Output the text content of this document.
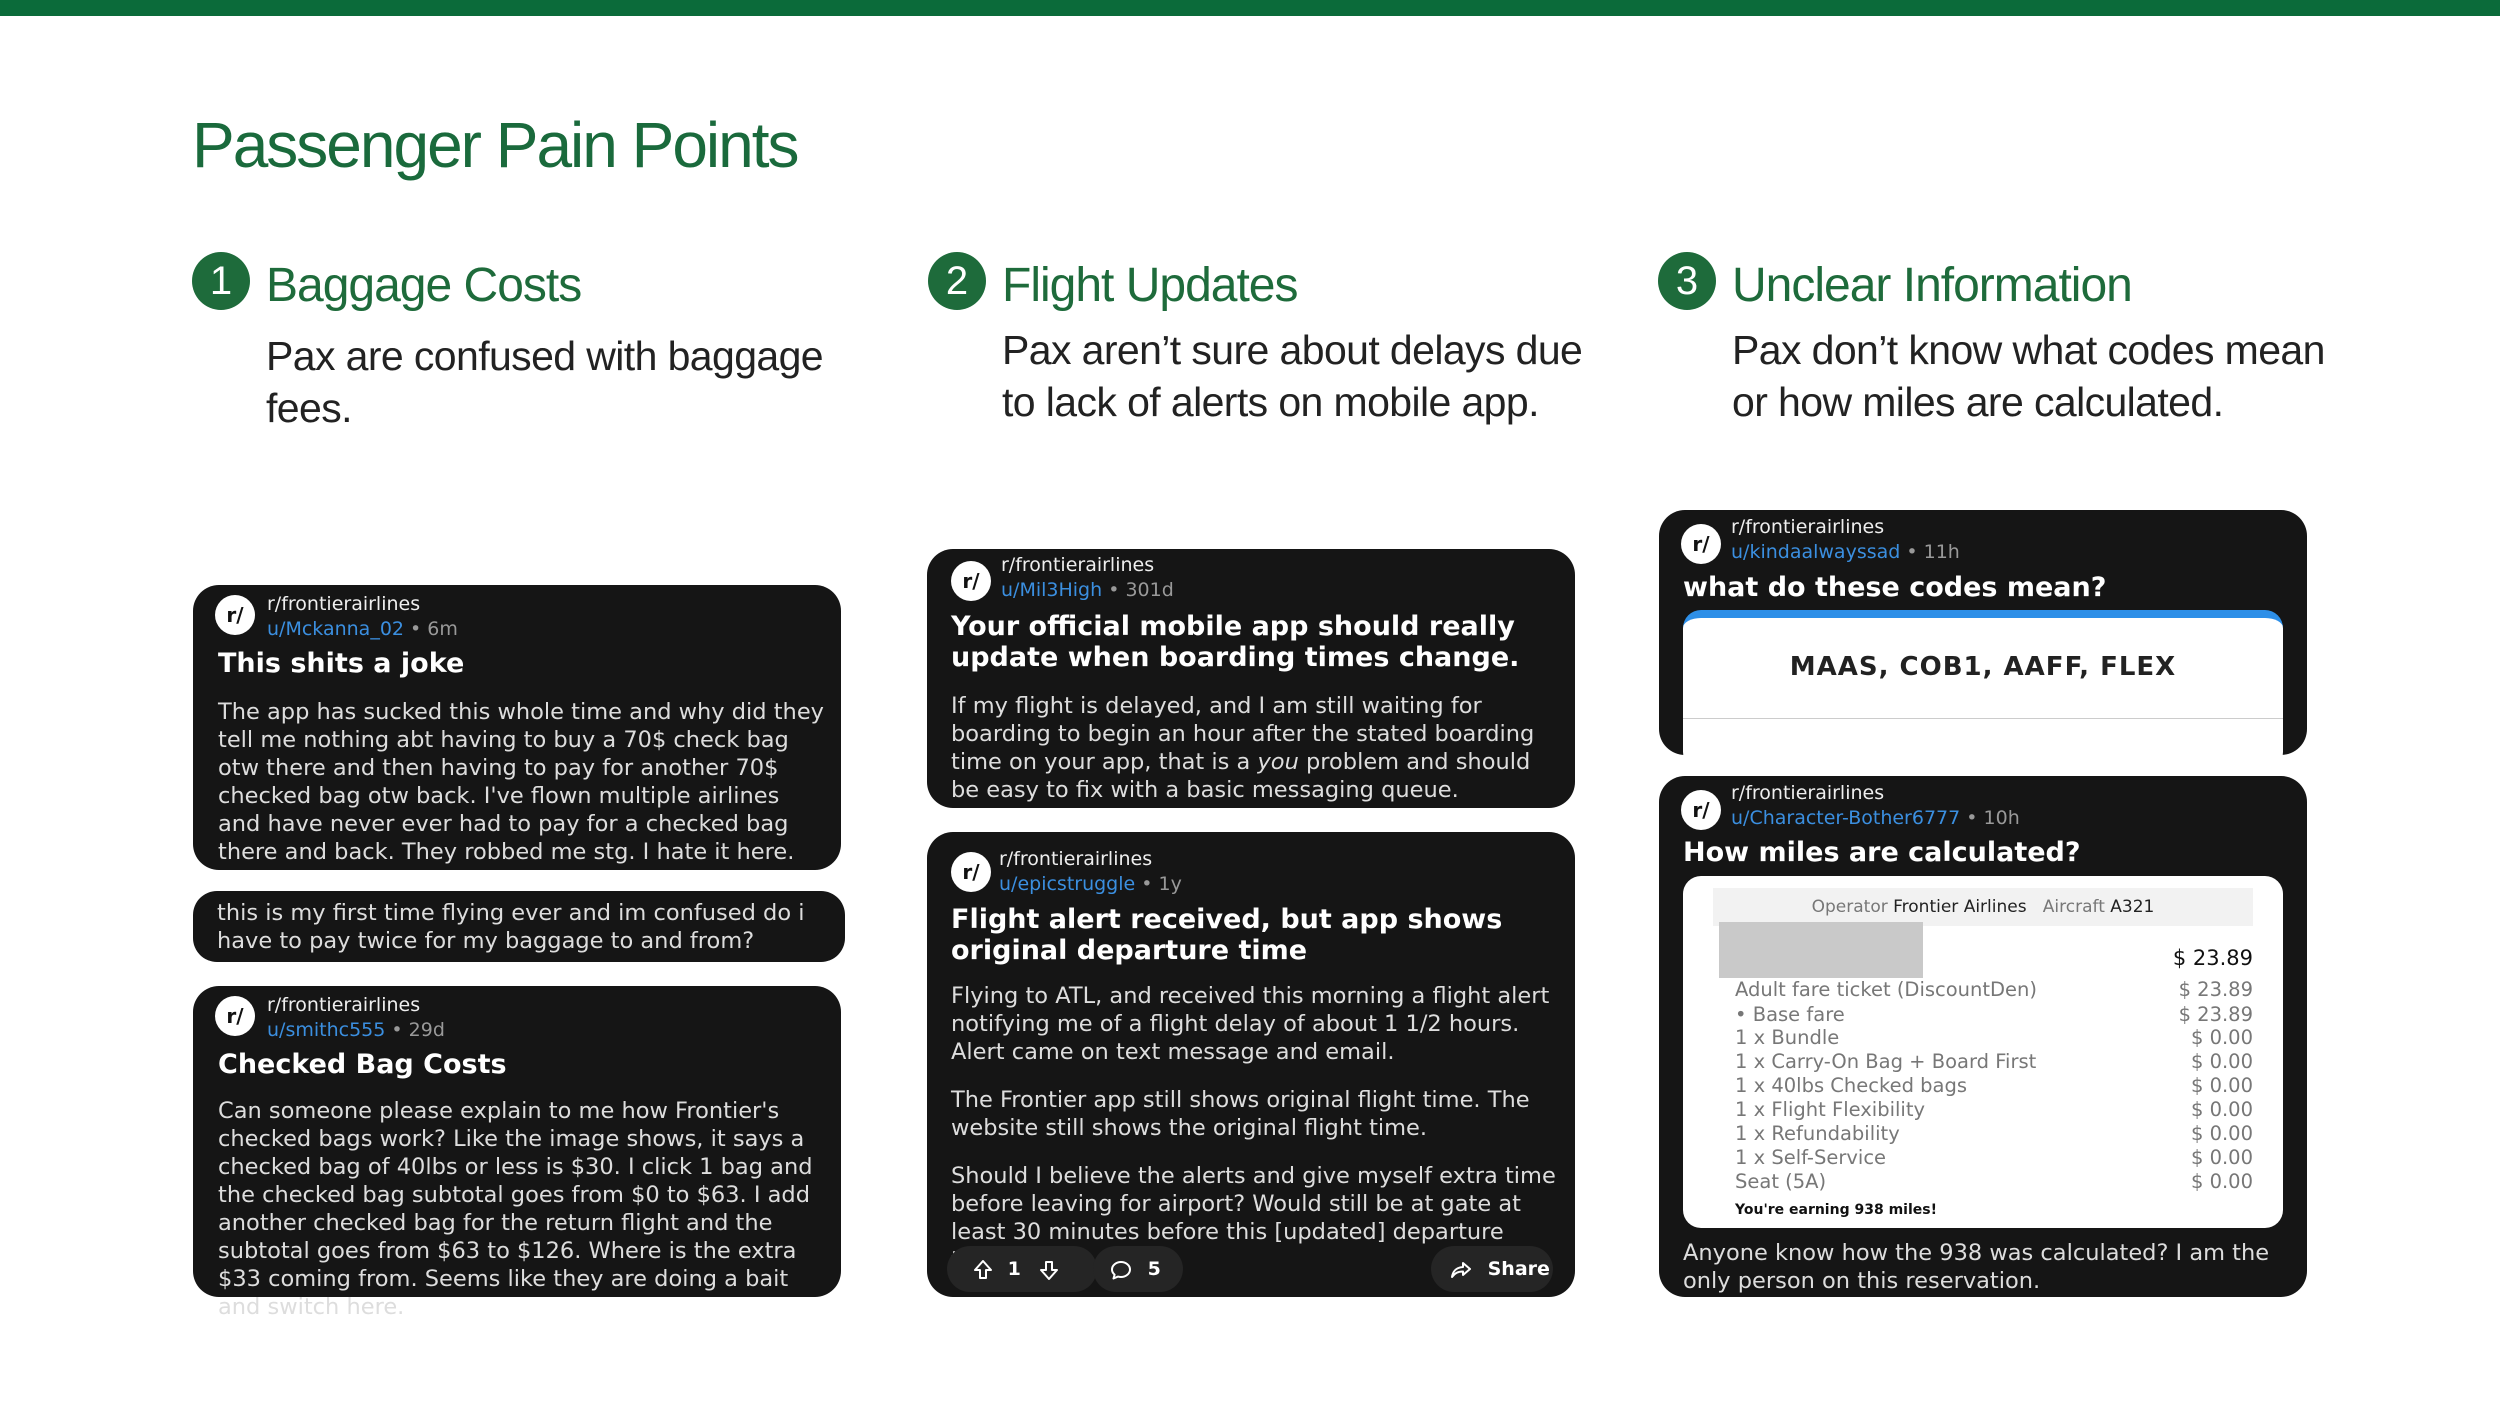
Passenger Pain Points
1 Baggage Costs
Pax are confused with baggage fees.
2 Flight Updates
Pax aren’t sure about delays due to lack of alerts on mobile app.
3 Unclear Information
Pax don’t know what codes mean or how miles are calculated.
r/	r/frontierairlines
u/Mckanna_02 • 6m
This shits a joke
The app has sucked this whole time and why did they tell me nothing abt having to buy a 70$ check bag otw there and then having to pay for another 70$ checked bag otw back. I've flown multiple airlines and have never ever had to pay for a checked bag there and back. They robbed me stg. I hate it here.
this is my first time flying ever and im confused do i have to pay twice for my baggage to and from?
r/	r/frontierairlines
u/smithc555 • 29d
Checked Bag Costs
Can someone please explain to me how Frontier's checked bags work? Like the image shows, it says a checked bag of 40lbs or less is $30. I click 1 bag and the checked bag subtotal goes from $0 to $63. I add another checked bag for the return flight and the subtotal goes from $63 to $126. Where is the extra $33 coming from. Seems like they are doing a bait and switch here.
r/
r/frontierairlines
u/Mil3High • 301d
Your official mobile app should really update when boarding times change.
If my flight is delayed, and I am still waiting for boarding to begin an hour after the stated boarding time on your app, that is a you problem and should be easy to fix with a basic messaging queue.
r/
r/frontierairlines
u/epicstruggle • 1y
Flight alert received, but app shows original departure time

Flying to ATL, and received this morning a flight alert notifying me of a flight delay of about 1 1/2 hours. Alert came on text message and email.

The Frontier app still shows original flight time. The website still shows the original flight time.

Should I believe the alerts and give myself extra time before leaving for airport? Would still be at gate at least 30 minutes before this [updated] departure

1	5	Share
r/
r/frontierairlines
u/kindaalwayssad • 11h
what do these codes mean?
MAAS, COB1, AAFF, FLEX
r/
r/frontierairlines
u/Character-Bother6777 • 10h
How miles are calculated?
Operator Frontier Airlines Aircraft A321
$ 23.89
Adult fare ticket (DiscountDen)	$ 23.89
• Base fare	$ 23.89
1 x Bundle	$ 0.00
1 x Carry-On Bag + Board First	$ 0.00
1 x 40lbs Checked bags	$ 0.00
1 x Flight Flexibility	$ 0.00
1 x Refundability	$ 0.00
1 x Self-Service	$ 0.00
Seat (5A)	$ 0.00
You're earning 938 miles!
Anyone know how the 938 was calculated? I am the only person on this reservation.
